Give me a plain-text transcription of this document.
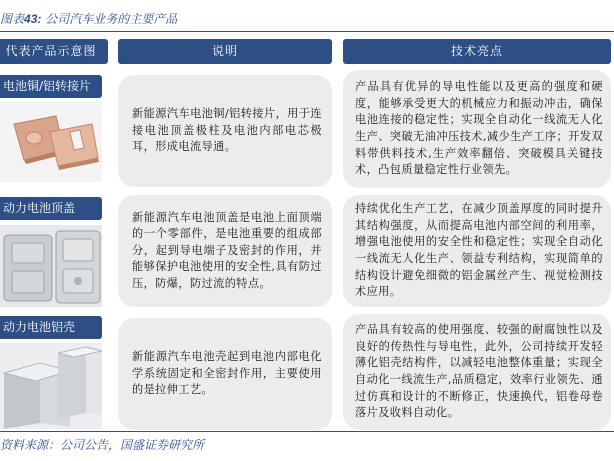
图表43: 公司汽车业务的主要产品
代表产品示意图	说明	技术亮点
电池铜/铝转接片
新能源汽车电池铜/铝转接片，用于连接电池顶盖极柱及电池内部电芯极耳，形成电流导通。
产品具有优异的导电性能以及更高的强度和硬度，能够承受更大的机械应力和振动冲击，确保电池连接的稳定性；实现全自动化一线流无人化生产、突破无油冲压技术,减少生产工序；开发双料带供料技术,生产效率翻倍、突破模具关键技术，凸包质量稳定性行业领先。
动力电池顶盖
新能源汽车电池顶盖是电池上面顶端的一个零部件，是电池重要的组成部分，起到导电端子及密封的作用，并能够保护电池使用的安全性,具有防过压，防爆，防过流的特点。
持续优化生产工艺，在减少顶盖厚度的同时提升其结构强度，从而提高电池内部空间的利用率，增强电池使用的安全性和稳定性；实现全自动化一线流无人化生产、领益专利结构，实现简单的结构设计避免细微的铝金属丝产生、视觉检测技术应用。
动力电池铝壳
新能源汽车电池壳起到电池内部电化学系统固定和全密封作用，主要使用的是拉伸工艺。
产品具有较高的使用强度、较强的耐腐蚀性以及良好的传热性与导电性，此外，公司持续开发轻薄化铝壳结构件，以减轻电池整体重量；实现全自动化一线流生产,品质稳定，效率行业领先、通过仿真和设计的不断修正，快速换代，铝卷母卷落片及收料自动化。
资料来源：公司公告，国盛证券研究所
